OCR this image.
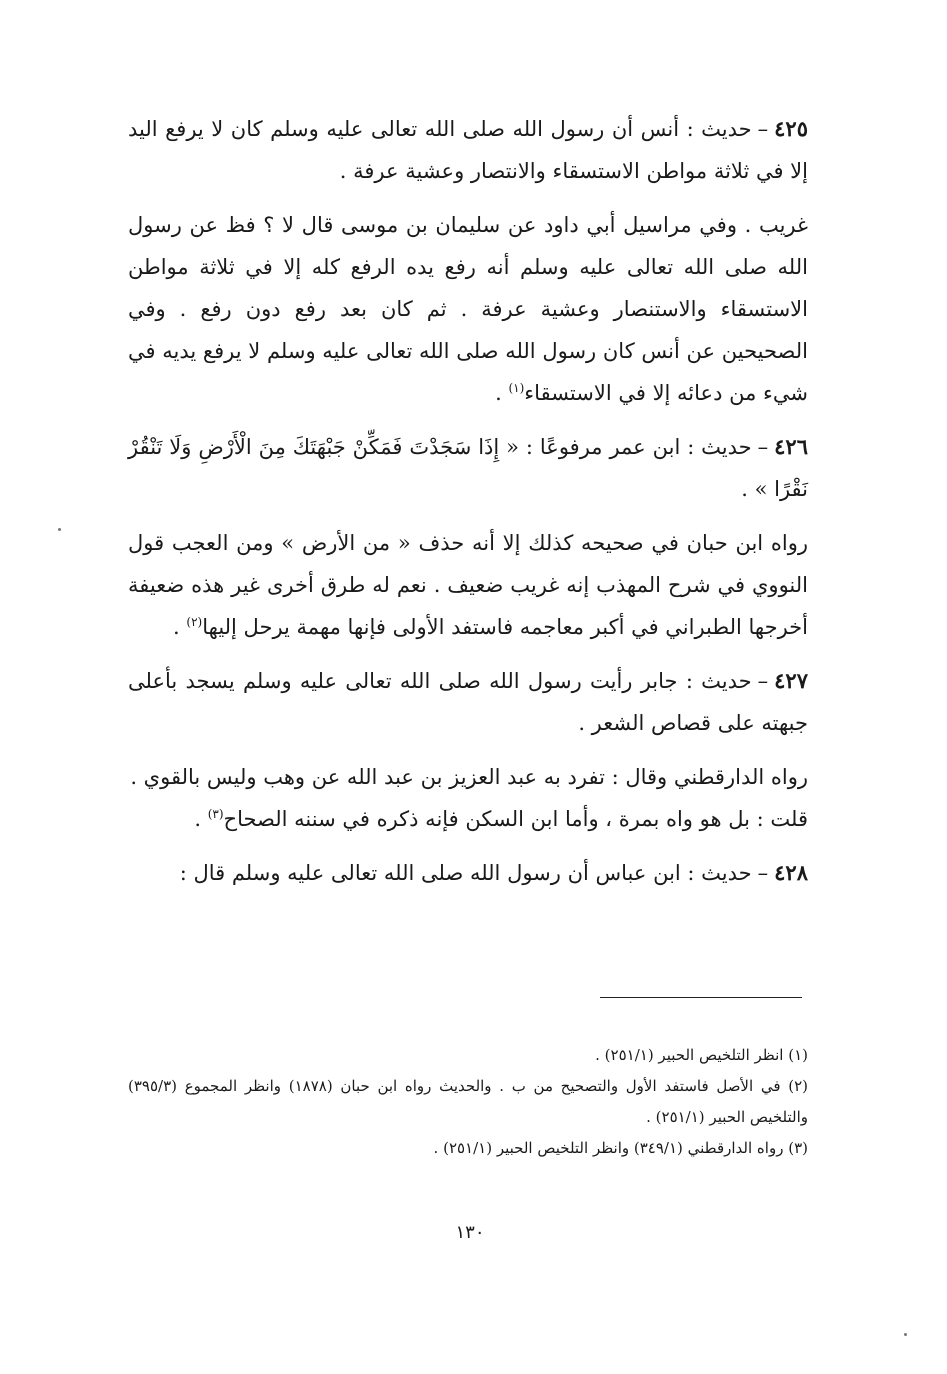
٤٢٥–حديث : أنس أن رسول الله صلى الله تعالى عليه وسلم كان لا يرفع اليد إلا في ثلاثة مواطن الاستسقاء والانتصار وعشية عرفة .

غريب . وفي مراسيل أبي داود عن سليمان بن موسى قال لا ؟ فظ عن رسول الله صلى الله تعالى عليه وسلم أنه رفع يده الرفع كله إلا في ثلاثة مواطن الاستسقاء والاستنصار وعشية عرفة . ثم كان بعد رفع دون رفع . وفي الصحيحين عن أنس كان رسول الله صلى الله تعالى عليه وسلم لا يرفع يديه في شيء من دعائه إلا في الاستسقاء$^{(١)}$ .

٤٢٦–حديث : ابن عمر مرفوعًا : « إِذَا سَجَدْتَ فَمَكِّنْ جَبْهَتَكَ مِنَ الْأَرْضِ وَلَا تَنْقُرْ نَقْرًا » .

رواه ابن حبان في صحيحه كذلك إلا أنه حذف « من الأرض » ومن العجب قول النووي في شرح المهذب إنه غريب ضعيف . نعم له طرق أخرى غير هذه ضعيفة أخرجها الطبراني في أكبر معاجمه فاستفد الأولى فإنها مهمة يرحل إليها$^{(٢)}$ .

٤٢٧–حديث : جابر رأيت رسول الله صلى الله تعالى عليه وسلم يسجد بأعلى جبهته على قصاص الشعر .

رواه الدارقطني وقال : تفرد به عبد العزيز بن عبد الله عن وهب وليس بالقوي .

قلت : بل هو واه بمرة ، وأما ابن السكن فإنه ذكره في سننه الصحاح$^{(٣)}$ .

٤٢٨–حديث : ابن عباس أن رسول الله صلى الله تعالى عليه وسلم قال :

(١) انظر التلخيص الحبير (٢٥١/١) .

(٢) في الأصل فاستفد الأول والتصحيح من ب . والحديث رواه ابن حبان (١٨٧٨) وانظر المجموع (٣٩٥/٣) والتلخيص الحبير (٢٥١/١) .

(٣) رواه الدارقطني (٣٤٩/١) وانظر التلخيص الحبير (٢٥١/١) .

١٣٠
